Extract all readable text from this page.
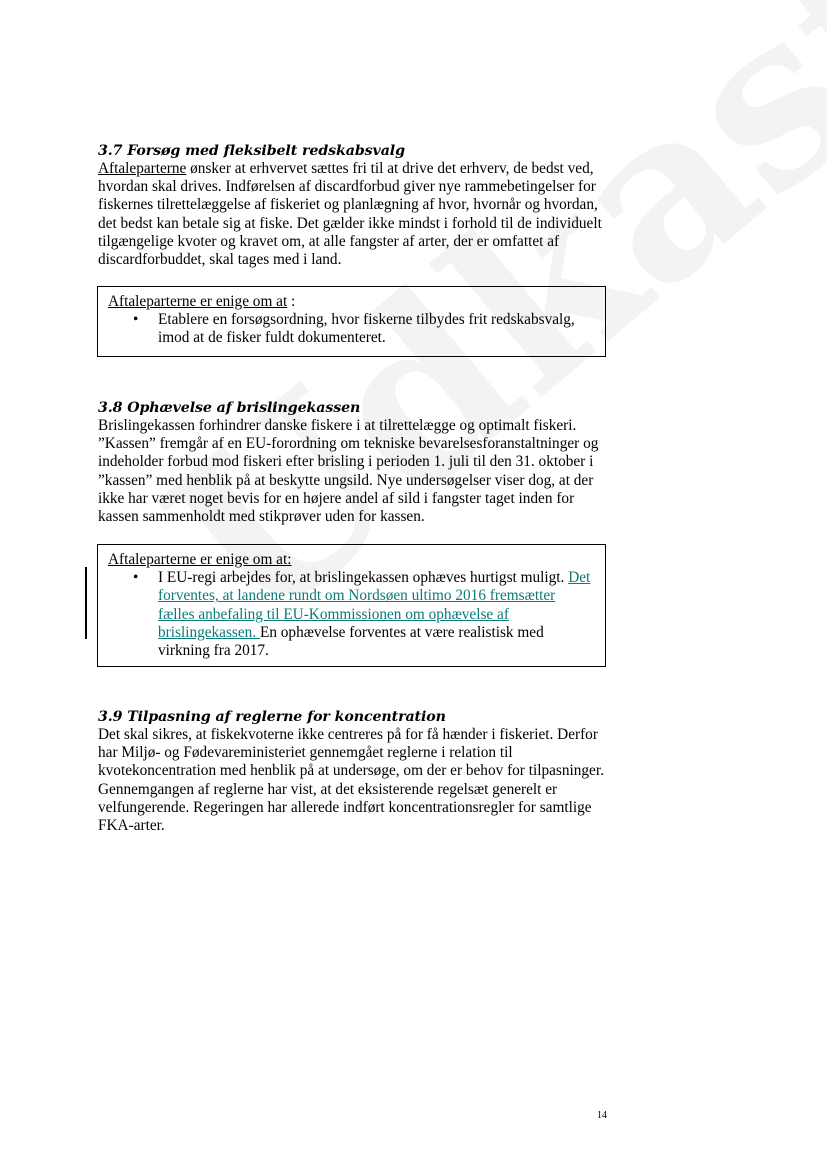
3.7 Forsøg med fleksibelt redskabsvalg

Aftaleparterne ønsker at erhvervet sættes fri til at drive det erhverv, de bedst ved, hvordan skal drives. Indførelsen af discardforbud giver nye rammebetingelser for fiskernes tilrettelæggelse af fiskeriet og planlægning af hvor, hvornår og hvordan, det bedst kan betale sig at fiske. Det gælder ikke mindst i forhold til de individuelt tilgængelige kvoter og kravet om, at alle fangster af arter, der er omfattet af discardforbuddet, skal tages med i land.

Aftaleparterne er enige om at :
• Etablere en forsøgsordning, hvor fiskerne tilbydes frit redskabsvalg, imod at de fisker fuldt dokumenteret.
3.8 Ophævelse af brislingekassen

Brislingekassen forhindrer danske fiskere i at tilrettelægge og optimalt fiskeri. ”Kassen” fremgår af en EU-forordning om tekniske bevarelsesforanstaltninger og indeholder forbud mod fiskeri efter brisling i perioden 1. juli til den 31. oktober i ”kassen” med henblik på at beskytte ungsild. Nye undersøgelser viser dog, at der ikke har været noget bevis for en højere andel af sild i fangster taget inden for kassen sammenholdt med stikprøver uden for kassen.

Aftaleparterne er enige om at:
• I EU-regi arbejdes for, at brislingekassen ophæves hurtigst muligt. Det forventes, at landene rundt om Nordsøen ultimo 2016 fremsætter fælles anbefaling til EU-Kommissionen om ophævelse af brislingekassen. En ophævelse forventes at være realistisk med virkning fra 2017.
3.9 Tilpasning af reglerne for koncentration

Det skal sikres, at fiskekvoterne ikke centreres på for få hænder i fiskeriet. Derfor har Miljø- og Fødevareministeriet gennemgået reglerne i relation til kvotekoncentration med henblik på at undersøge, om der er behov for tilpasninger. Gennemgangen af reglerne har vist, at det eksisterende regelsæt generelt er velfungerende. Regeringen har allerede indført koncentrationsregler for samtlige FKA-arter.

14
